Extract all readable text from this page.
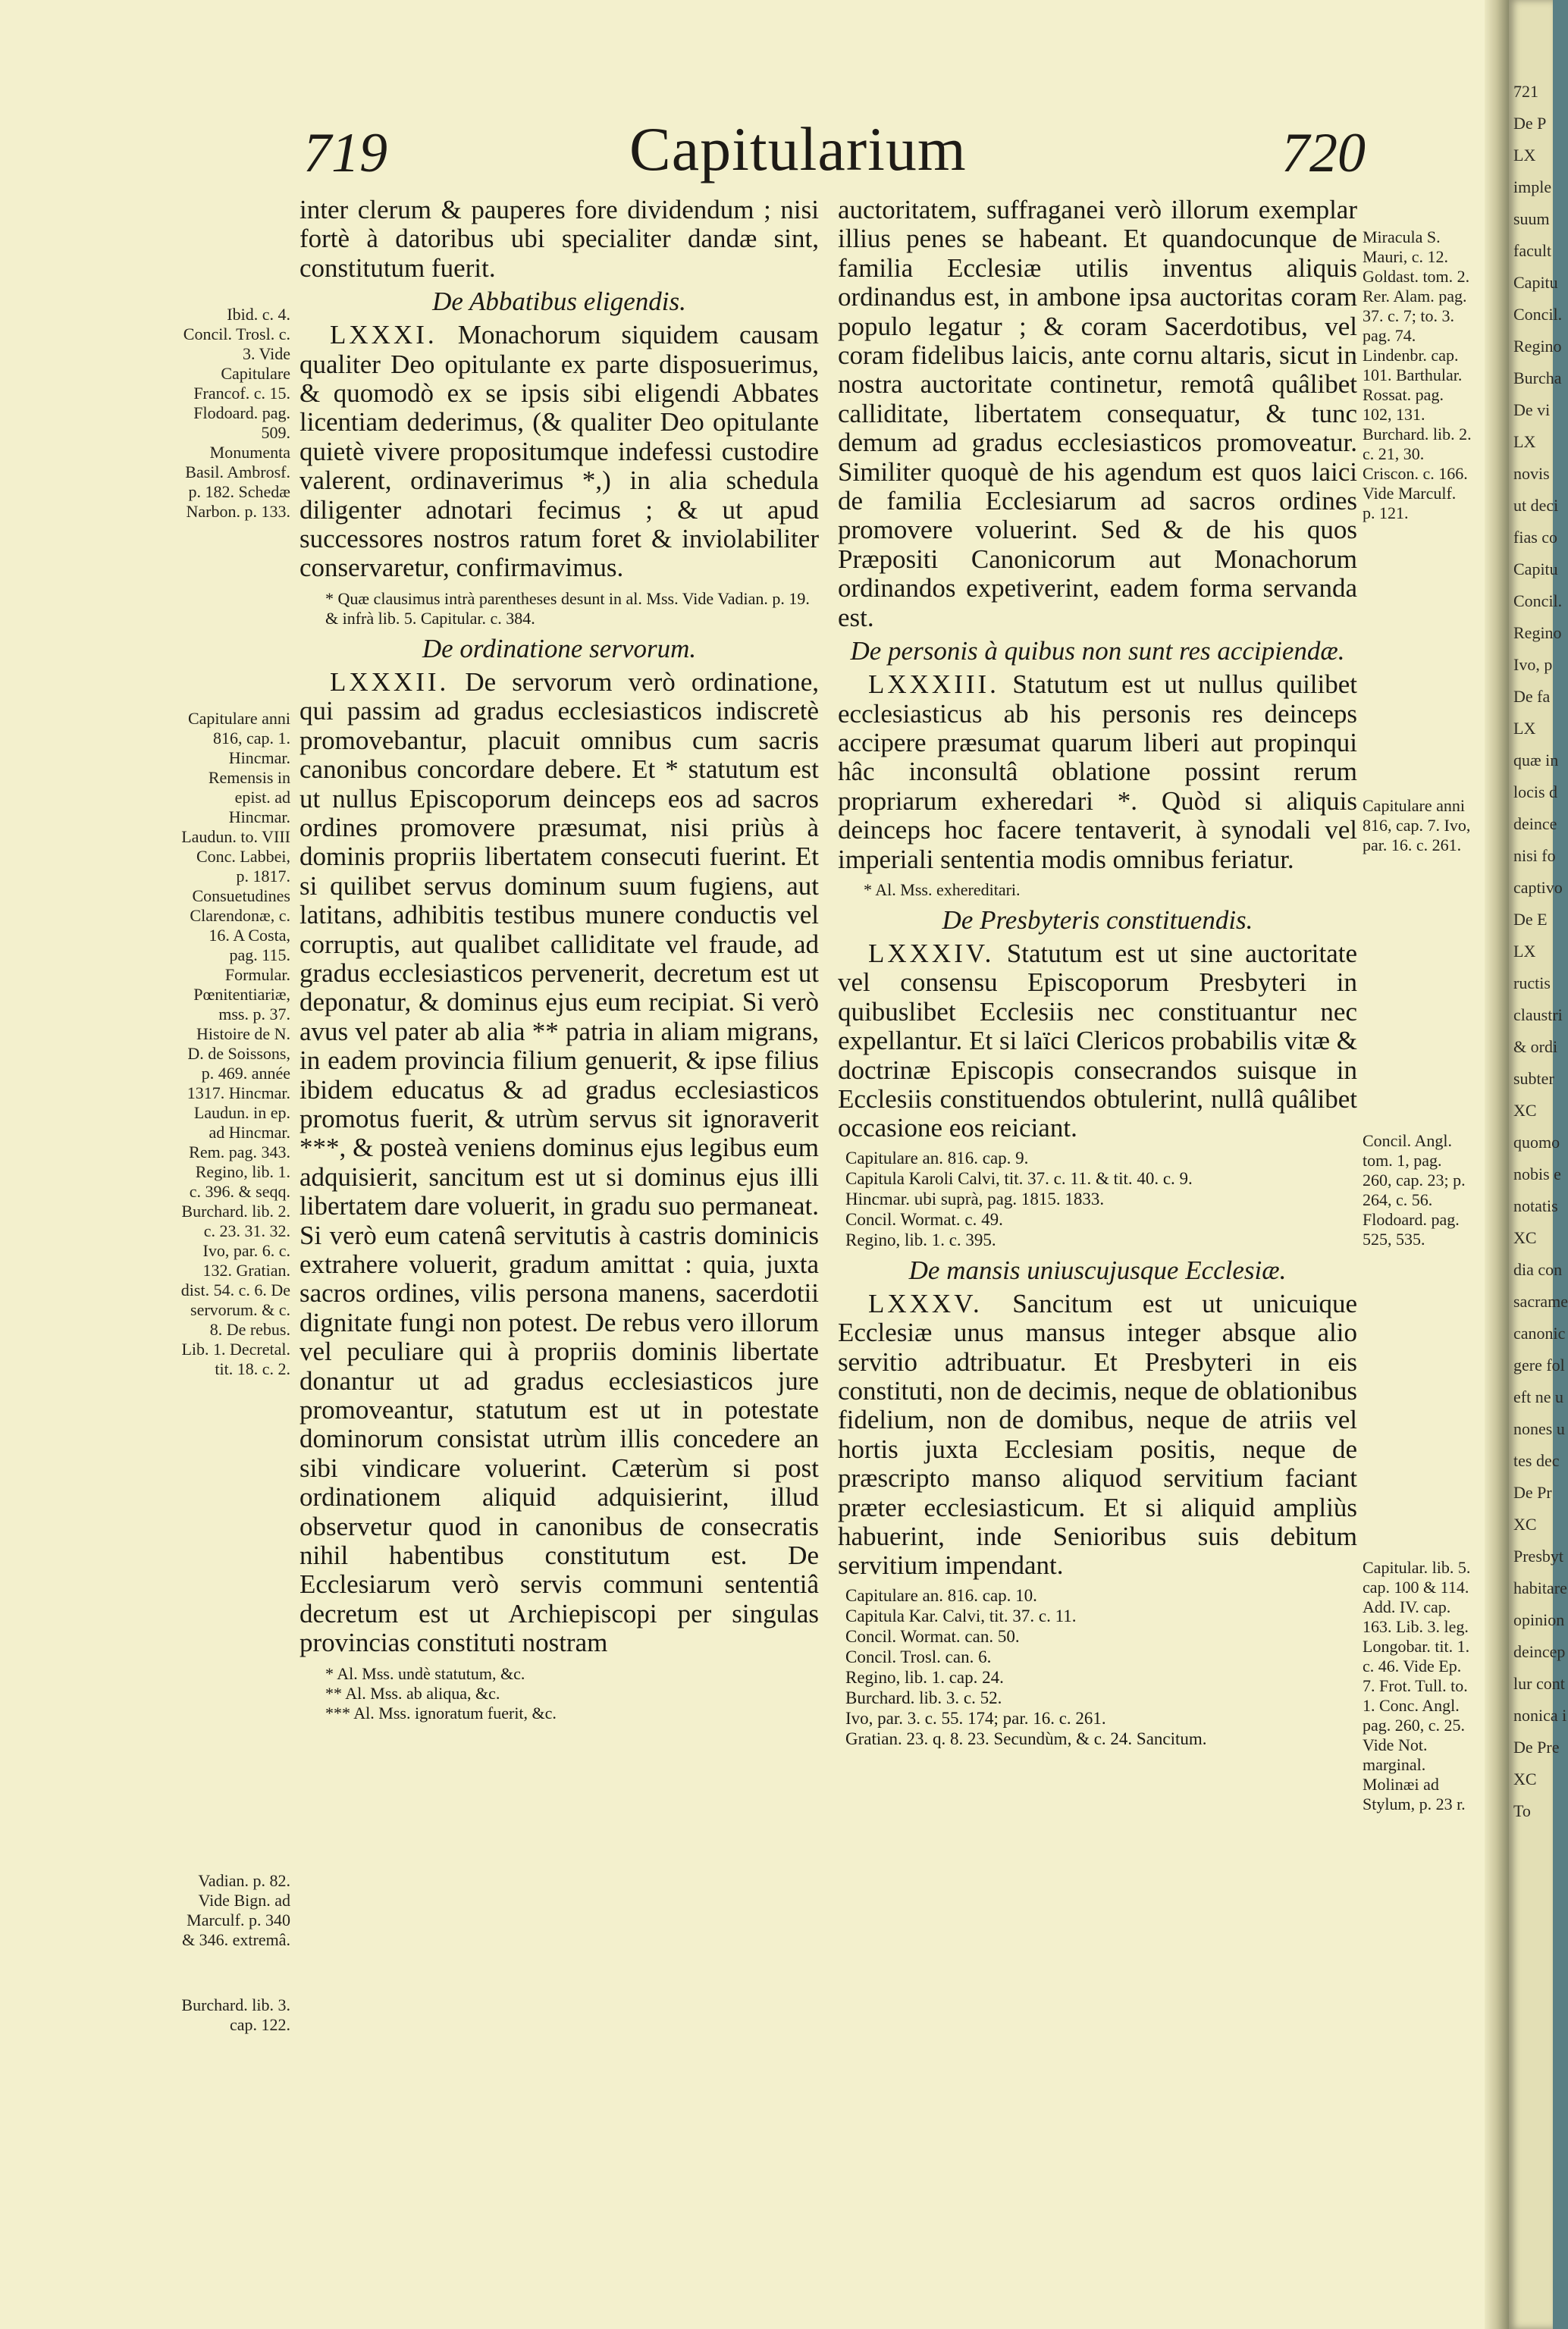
719	Capitularium	720
Ibid. c. 4. Concil. Trosl. c. 3. Vide Capitulare Francof. c. 15. Flodoard. pag. 509. Monumenta Basil. Ambrosf. p. 182. Schedæ Narbon. p. 133.
Capitulare anni 816, cap. 1. Hincmar. Remensis in epist. ad Hincmar. Laudun. to. VIII Conc. Labbei, p. 1817. Consuetudines Clarendonæ, c. 16. A Costa, pag. 115. Formular. Pœnitentiariæ, mss. p. 37. Histoire de N. D. de Soissons, p. 469. année 1317. Hincmar. Laudun. in ep. ad Hincmar. Rem. pag. 343. Regino, lib. 1. c. 396. & seqq. Burchard. lib. 2. c. 23. 31. 32. Ivo, par. 6. c. 132. Gratian. dist. 54. c. 6. De servorum. & c. 8. De rebus. Lib. 1. Decretal. tit. 18. c. 2.
Vadian. p. 82. Vide Bign. ad Marculf. p. 340 & 346. extremâ.
Burchard. lib. 3. cap. 122.

inter clerum & pauperes fore dividendum ; nisi fortè à datoribus ubi specialiter dandæ sint, constitutum fuerit.

De Abbatibus eligendis.

LXXXI. Monachorum siquidem causam qualiter Deo opitulante ex parte disposuerimus, & quomodò ex se ipsis sibi eligendi Abbates licentiam dederimus, (& qualiter Deo opitulante quietè vivere propositumque indefessi custodire valerent, ordinaverimus *,) in alia schedula diligenter adnotari fecimus ; & ut apud successores nostros ratum foret & inviolabiliter conservaretur, confirmavimus.

* Quæ clausimus intrà parentheses desunt in al. Mss. Vide Vadian. p. 19. & infrà lib. 5. Capitular. c. 384.
De ordinatione servorum.

LXXXII. De servorum verò ordinatione, qui passim ad gradus ecclesiasticos indiscretè promovebantur, placuit omnibus cum sacris canonibus concordare debere. Et * statutum est ut nullus Episcoporum deinceps eos ad sacros ordines promovere præsumat, nisi priùs à dominis propriis libertatem consecuti fuerint. Et si quilibet servus dominum suum fugiens, aut latitans, adhibitis testibus munere conductis vel corruptis, aut qualibet calliditate vel fraude, ad gradus ecclesiasticos pervenerit, decretum est ut deponatur, & dominus ejus eum recipiat. Si verò avus vel pater ab alia ** patria in aliam migrans, in eadem provincia filium genuerit, & ipse filius ibidem educatus & ad gradus ecclesiasticos promotus fuerit, & utrùm servus sit ignoraverit ***, & posteà veniens dominus ejus legibus eum adquisierit, sancitum est ut si dominus ejus illi libertatem dare voluerit, in gradu suo permaneat. Si verò eum catenâ servitutis à castris dominicis extrahere voluerit, gradum amittat : quia, juxta sacros ordines, vilis persona manens, sacerdotii dignitate fungi non potest. De rebus vero illorum vel peculiare qui à propriis dominis libertate donantur ut ad gradus ecclesiasticos jure promoveantur, statutum est ut in potestate dominorum consistat utrùm illis concedere an sibi vindicare voluerint. Cæterùm si post ordinationem aliquid adquisierint, illud observetur quod in canonibus de consecratis nihil habentibus constitutum est. De Ecclesiarum verò servis communi sententiâ decretum est ut Archiepiscopi per singulas provincias constituti nostram

* Al. Mss. undè statutum, &c.
** Al. Mss. ab aliqua, &c.
*** Al. Mss. ignoratum fuerit, &c.

auctoritatem, suffraganei verò illorum exemplar illius penes se habeant. Et quandocunque de familia Ecclesiæ utilis inventus aliquis ordinandus est, in ambone ipsa auctoritas coram populo legatur ; & coram Sacerdotibus, vel coram fidelibus laicis, ante cornu altaris, sicut in nostra auctoritate continetur, remotâ quâlibet calliditate, libertatem consequatur, & tunc demum ad gradus ecclesiasticos promoveatur. Similiter quoquè de his agendum est quos laici de familia Ecclesiarum ad sacros ordines promovere voluerint. Sed & de his quos Præpositi Canonicorum aut Monachorum ordinandos expetiverint, eadem forma servanda est.

De personis à quibus non sunt res accipiendæ.

LXXXIII. Statutum est ut nullus quilibet ecclesiasticus ab his personis res deinceps accipere præsumat quarum liberi aut propinqui hâc inconsultâ oblatione possint rerum propriarum exheredari *. Quòd si aliquis deinceps hoc facere tentaverit, à synodali vel imperiali sententia modis omnibus feriatur.

* Al. Mss. exhereditari.
De Presbyteris constituendis.

LXXXIV. Statutum est ut sine auctoritate vel consensu Episcoporum Presbyteri in quibuslibet Ecclesiis nec constituantur nec expellantur. Et si laïci Clericos probabilis vitæ & doctrinæ Episcopis consecrandos suisque in Ecclesiis constituendos obtulerint, nullâ quâlibet occasione eos reiciant.

Capitulare an. 816. cap. 9.
Capitula Karoli Calvi, tit. 37. c. 11. & tit. 40. c. 9.
Hincmar. ubi suprà, pag. 1815. 1833.
Concil. Wormat. c. 49.
Regino, lib. 1. c. 395.
De mansis uniuscujusque Ecclesiæ.

LXXXV. Sancitum est ut unicuique Ecclesiæ unus mansus integer absque alio servitio adtribuatur. Et Presbyteri in eis constituti, non de decimis, neque de oblationibus fidelium, non de domibus, neque de atriis vel hortis juxta Ecclesiam positis, neque de præscripto manso aliquod servitium faciant præter ecclesiasticum. Et si aliquid ampliùs habuerint, inde Senioribus suis debitum servitium impendant.

Capitulare an. 816. cap. 10.
Capitula Kar. Calvi, tit. 37. c. 11.
Concil. Wormat. can. 50.
Concil. Trosl. can. 6.
Regino, lib. 1. cap. 24.
Burchard. lib. 3. c. 52.
Ivo, par. 3. c. 55. 174; par. 16. c. 261.
Gratian. 23. q. 8. 23. Secundùm, & c. 24. Sancitum.
Miracula S. Mauri, c. 12. Goldast. tom. 2. Rer. Alam. pag. 37. c. 7; to. 3. pag. 74. Lindenbr. cap. 101. Barthular. Rossat. pag. 102, 131. Burchard. lib. 2. c. 21, 30. Criscon. c. 166. Vide Marculf. p. 121.
Capitulare anni 816, cap. 7. Ivo, par. 16. c. 261.
Concil. Angl. tom. 1, pag. 260, cap. 23; p. 264, c. 56. Flodoard. pag. 525, 535.
Capitular. lib. 5. cap. 100 & 114. Add. IV. cap. 163. Lib. 3. leg. Longobar. tit. 1. c. 46. Vide Ep. 7. Frot. Tull. to. 1. Conc. Angl. pag. 260, c. 25. Vide Not. marginal. Molinæi ad Stylum, p. 23 r.
721
De P
LX
imple
suum
facult
Capitu
Concil.
Regino
Burcha
De vi
LX
novis
ut deci
fias co
Capitu
Concil.
Regino
Ivo, p
De fa
LX
quæ in
locis d
deince
nisi fo
captivo
De E
LX
ructis
claustri
& ordi
subter
XC
quomo
nobis e
notatis
XC
dia con
sacrame
canonic
gere fol
eft ne u
nones u
tes dec
De Pr
XC
Presbyt
habitare
opinion
deincep
lur cont
nonica i
De Pre
XC
To
